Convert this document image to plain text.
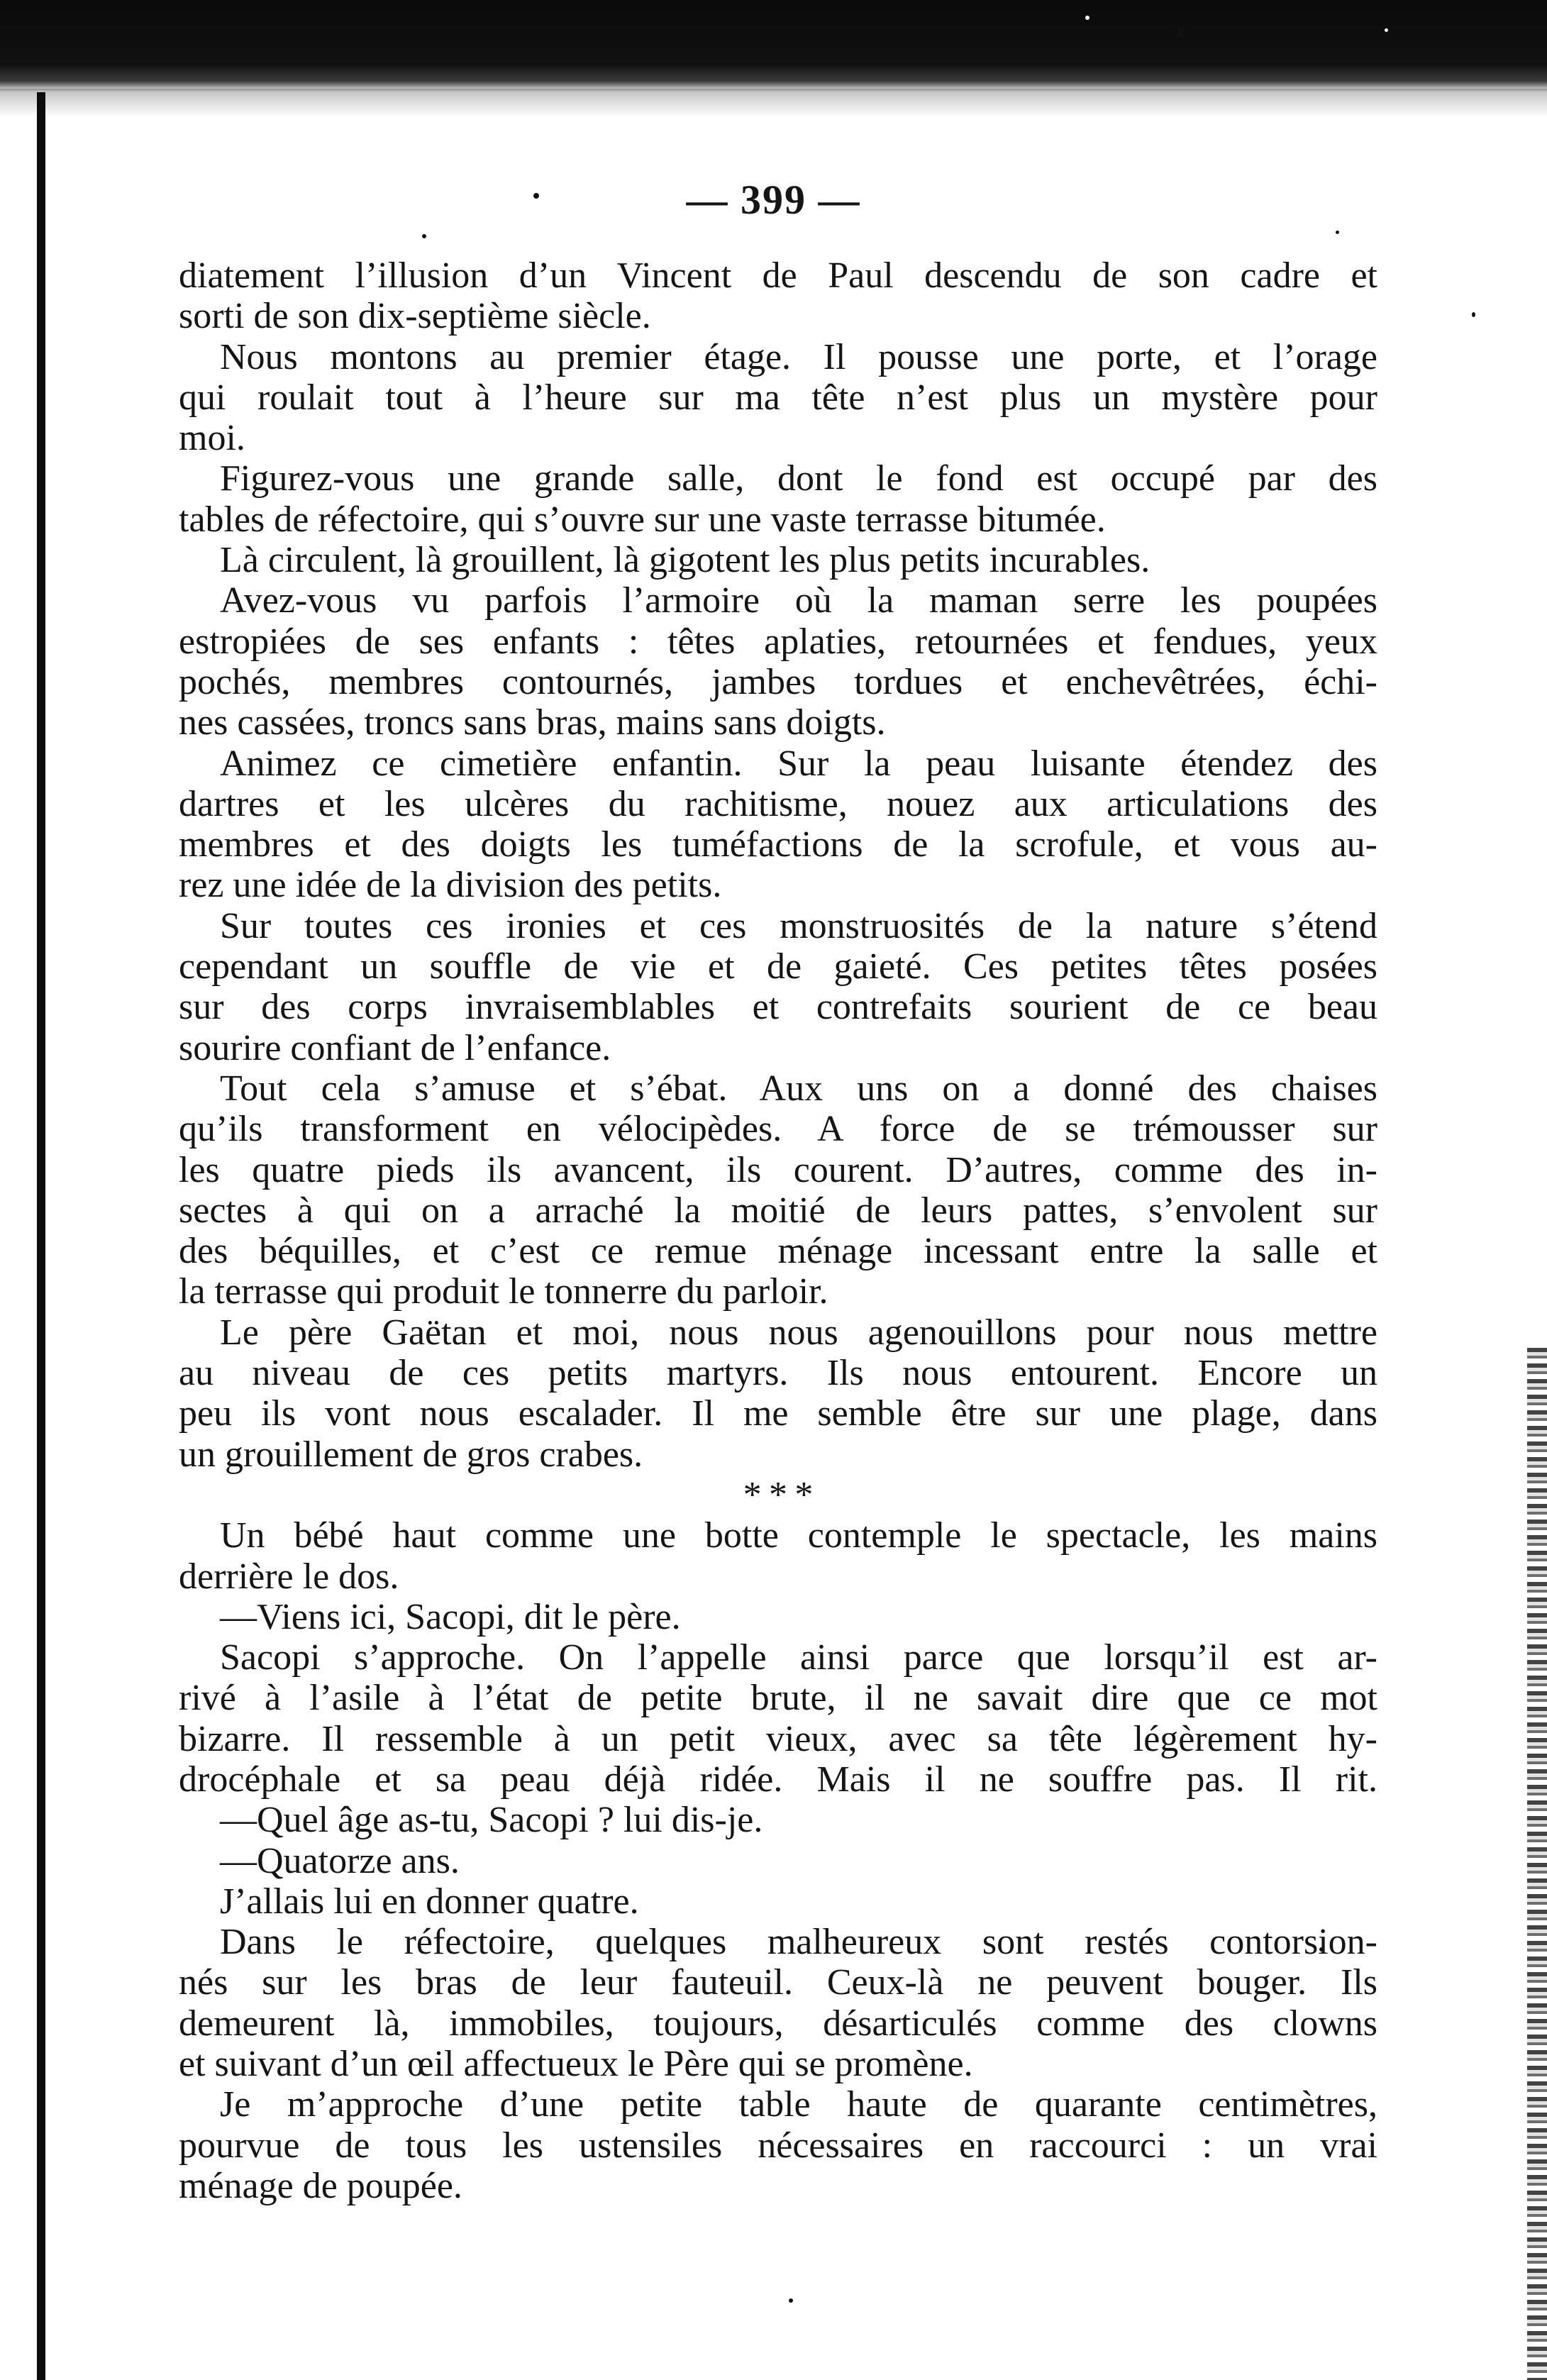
— 399 —
diatement l’illusion d’un Vincent de Paul descendu de son cadre et
sorti de son dix-septième siècle.
Nous montons au premier étage. Il pousse une porte, et l’orage
qui roulait tout à l’heure sur ma tête n’est plus un mystère pour
moi.
Figurez-vous une grande salle, dont le fond est occupé par des
tables de réfectoire, qui s’ouvre sur une vaste terrasse bitumée.
Là circulent, là grouillent, là gigotent les plus petits incurables.
Avez-vous vu parfois l’armoire où la maman serre les poupées
estropiées de ses enfants : têtes aplaties, retournées et fendues, yeux
pochés, membres contournés, jambes tordues et enchevêtrées, échi-
nes cassées, troncs sans bras, mains sans doigts.
Animez ce cimetière enfantin. Sur la peau luisante étendez des
dartres et les ulcères du rachitisme, nouez aux articulations des
membres et des doigts les tuméfactions de la scrofule, et vous au-
rez une idée de la division des petits.
Sur toutes ces ironies et ces monstruosités de la nature s’étend
cependant un souffle de vie et de gaieté. Ces petites têtes posées
sur des corps invraisemblables et contrefaits sourient de ce beau
sourire confiant de l’enfance.
Tout cela s’amuse et s’ébat. Aux uns on a donné des chaises
qu’ils transforment en vélocipèdes. A force de se trémousser sur
les quatre pieds ils avancent, ils courent. D’autres, comme des in-
sectes à qui on a arraché la moitié de leurs pattes, s’envolent sur
des béquilles, et c’est ce remue ménage incessant entre la salle et
la terrasse qui produit le tonnerre du parloir.
Le père Gaëtan et moi, nous nous agenouillons pour nous mettre
au niveau de ces petits martyrs. Ils nous entourent. Encore un
peu ils vont nous escalader. Il me semble être sur une plage, dans
un grouillement de gros crabes.
* * *
Un bébé haut comme une botte contemple le spectacle, les mains
derrière le dos.
—Viens ici, Sacopi, dit le père.
Sacopi s’approche. On l’appelle ainsi parce que lorsqu’il est ar-
rivé à l’asile à l’état de petite brute, il ne savait dire que ce mot
bizarre. Il ressemble à un petit vieux, avec sa tête légèrement hy-
drocéphale et sa peau déjà ridée. Mais il ne souffre pas. Il rit.
—Quel âge as-tu, Sacopi ? lui dis-je.
—Quatorze ans.
J’allais lui en donner quatre.
Dans le réfectoire, quelques malheureux sont restés contorsion-
nés sur les bras de leur fauteuil. Ceux-là ne peuvent bouger. Ils
demeurent là, immobiles, toujours, désarticulés comme des clowns
et suivant d’un œil affectueux le Père qui se promène.
Je m’approche d’une petite table haute de quarante centimètres,
pourvue de tous les ustensiles nécessaires en raccourci : un vrai
ménage de poupée.
